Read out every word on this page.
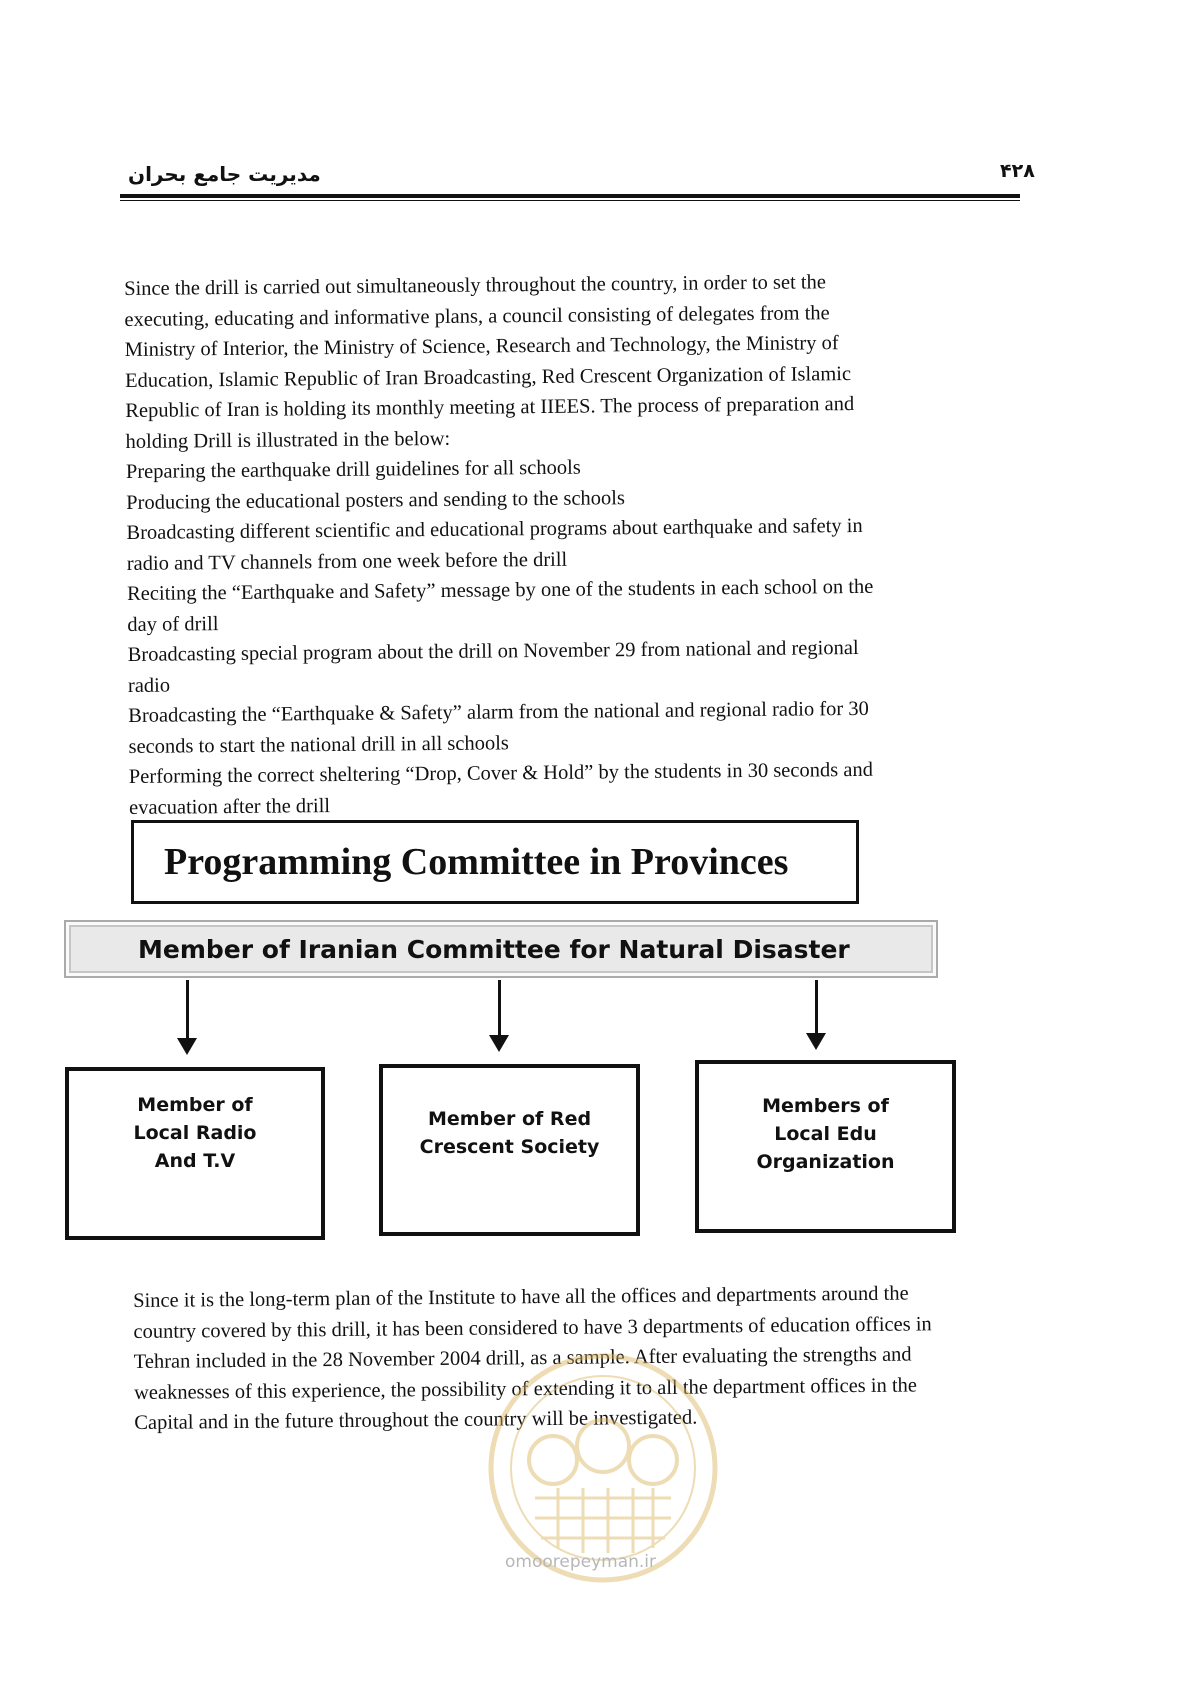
مدیریت جامع بحران	۴۲۸

Since the drill is carried out simultaneously throughout the country, in order to set the

executing, educating and informative plans, a council consisting of delegates from the

Ministry of Interior, the Ministry of Science, Research and Technology, the Ministry of

Education, Islamic Republic of Iran Broadcasting, Red Crescent Organization of Islamic

Republic of Iran is holding its monthly meeting at IIEES. The process of preparation and

holding Drill is illustrated in the below:

Preparing the earthquake drill guidelines for all schools

Producing the educational posters and sending to the schools

Broadcasting different scientific and educational programs about earthquake and safety in

radio and TV channels from one week before the drill

Reciting the “Earthquake and Safety” message by one of the students in each school on the

day of drill

Broadcasting special program about the drill on November 29 from national and regional

radio

Broadcasting the “Earthquake & Safety” alarm from the national and regional radio for 30

seconds to start the national drill in all schools

Performing the correct sheltering “Drop, Cover & Hold” by the students in 30 seconds and

evacuation after the drill

Programming Committee in Provinces
Member of Iranian Committee for Natural Disaster
Member of
Local Radio
And T.V
Member of Red
Crescent Society
Members of
Local Edu
Organization

Since it is the long-term plan of the Institute to have all the offices and departments around the

country covered by this drill, it has been considered to have 3 departments of education offices in

Tehran included in the 28 November 2004 drill, as a sample. After evaluating the strengths and

weaknesses of this experience, the possibility of extending it to all the department offices in the

Capital and in the future throughout the country will be investigated.

omoorepeyman.ir
